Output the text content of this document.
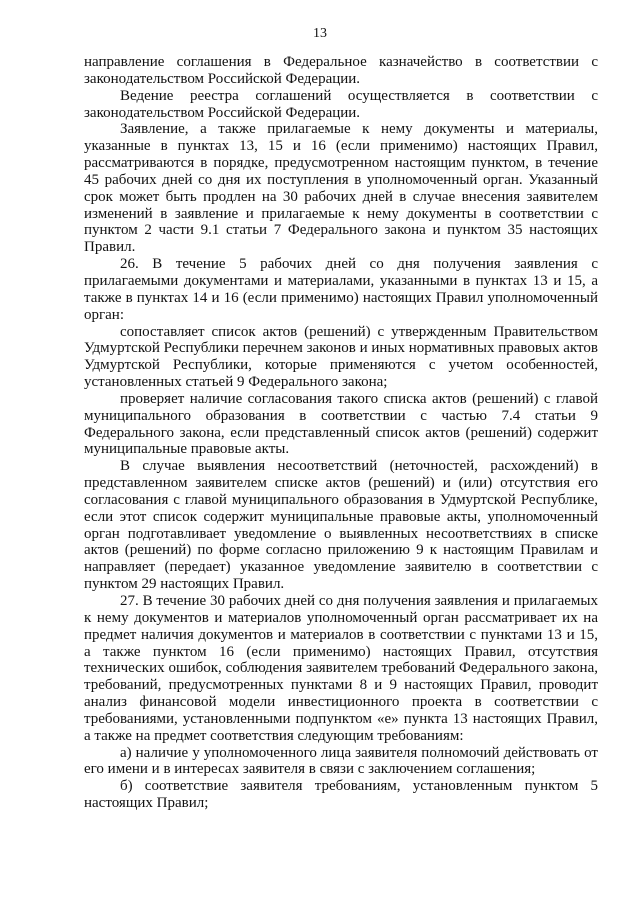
13

направление соглашения в Федеральное казначейство в соответствии с законодательством Российской Федерации.

Ведение реестра соглашений осуществляется в соответствии с законодательством Российской Федерации.

Заявление, а также прилагаемые к нему документы и материалы, указанные в пунктах 13, 15 и 16 (если применимо) настоящих Правил, рассматриваются в порядке, предусмотренном настоящим пунктом, в течение 45 рабочих дней со дня их поступления в уполномоченный орган. Указанный срок может быть продлен на 30 рабочих дней в случае внесения заявителем изменений в заявление и прилагаемые к нему документы в соответствии с пунктом 2 части 9.1 статьи 7 Федерального закона и пунктом 35 настоящих Правил.

26. В течение 5 рабочих дней со дня получения заявления с прилагаемыми документами и материалами, указанными в пунктах 13 и 15, а также в пунктах 14 и 16 (если применимо) настоящих Правил уполномоченный орган:

сопоставляет список актов (решений) с утвержденным Правительством Удмуртской Республики перечнем законов и иных нормативных правовых актов Удмуртской Республики, которые применяются с учетом особенностей, установленных статьей 9 Федерального закона;

проверяет наличие согласования такого списка актов (решений) с главой муниципального образования в соответствии с частью 7.4 статьи 9 Федерального закона, если представленный список актов (решений) содержит муниципальные правовые акты.

В случае выявления несоответствий (неточностей, расхождений) в представленном заявителем списке актов (решений) и (или) отсутствия его согласования с главой муниципального образования в Удмуртской Республике, если этот список содержит муниципальные правовые акты, уполномоченный орган подготавливает уведомление о выявленных несоответствиях в списке актов (решений) по форме согласно приложению 9 к настоящим Правилам и направляет (передает) указанное уведомление заявителю в соответствии с пунктом 29 настоящих Правил.

27. В течение 30 рабочих дней со дня получения заявления и прилагаемых к нему документов и материалов уполномоченный орган рассматривает их на предмет наличия документов и материалов в соответствии с пунктами 13 и 15, а также пунктом 16 (если применимо) настоящих Правил, отсутствия технических ошибок, соблюдения заявителем требований Федерального закона, требований, предусмотренных пунктами 8 и 9 настоящих Правил, проводит анализ финансовой модели инвестиционного проекта в соответствии с требованиями, установленными подпунктом «е» пункта 13 настоящих Правил, а также на предмет соответствия следующим требованиям:

а) наличие у уполномоченного лица заявителя полномочий действовать от его имени и в интересах заявителя в связи с заключением соглашения;

б) соответствие заявителя требованиям, установленным пунктом 5 настоящих Правил;
